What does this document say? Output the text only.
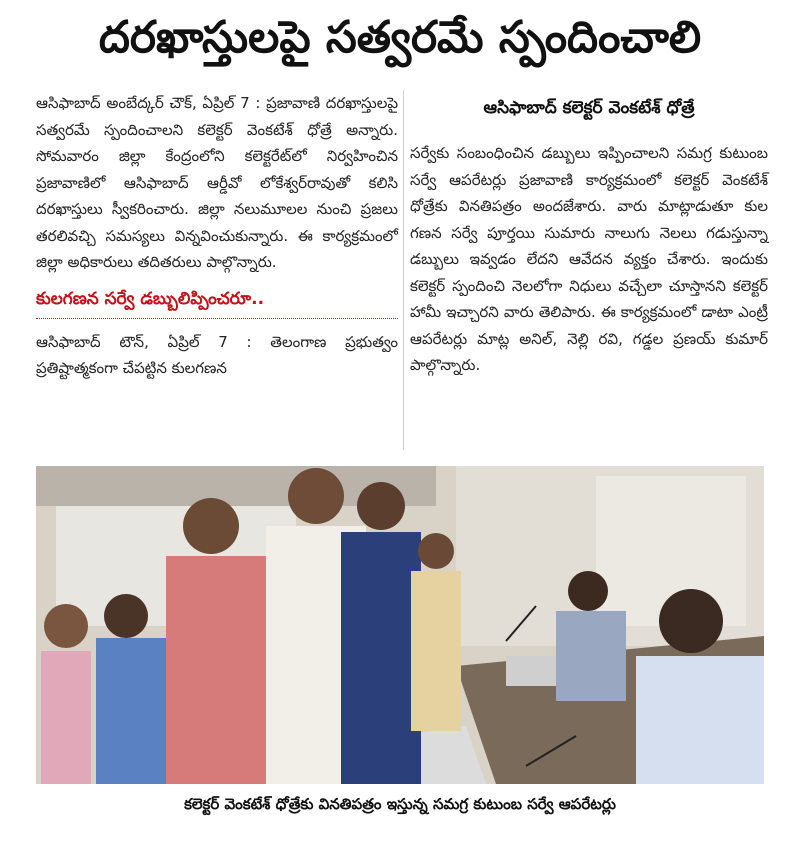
దరఖాస్తులపై సత్వరమే స్పందించాలి

ఆసిఫాబాద్ అంబేద్కర్ చౌక్, ఏప్రిల్ 7 : ప్రజావాణి దరఖాస్తులపై సత్వరమే స్పందించాలని కలెక్టర్ వెంకటేశ్ ధోత్రే అన్నారు. సోమవారం జిల్లా కేంద్రంలోని కలెక్టరేట్‌లో నిర్వహించిన ప్రజావాణిలో ఆసిఫాబాద్ ఆర్డీవో లోకేశ్వర్‌రావుతో కలిసి దరఖాస్తులు స్వీకరించారు. జిల్లా నలుమూలల నుంచి ప్రజలు తరలివచ్చి సమస్యలు విన్నవించుకున్నారు. ఈ కార్యక్రమంలో జిల్లా అధికారులు తదితరులు పాల్గొన్నారు.

కులగణన సర్వే డబ్బులిప్పించరూ..

ఆసిఫాబాద్ టౌన్, ఏప్రిల్ 7 : తెలంగాణ ప్రభుత్వం ప్రతిష్టాత్మకంగా చేపట్టిన కులగణన

ఆసిఫాబాద్ కలెక్టర్ వెంకటేశ్ ధోత్రే

సర్వేకు సంబంధించిన డబ్బులు ఇప్పించాలని సమగ్ర కుటుంబ సర్వే ఆపరేటర్లు ప్రజావాణి కార్యక్రమంలో కలెక్టర్ వెంకటేశ్ ధోత్రేకు వినతిపత్రం అందజేశారు. వారు మాట్లాడుతూ కుల గణన సర్వే పూర్తయి సుమారు నాలుగు నెలలు గడుస్తున్నా డబ్బులు ఇవ్వడం లేదని ఆవేదన వ్యక్తం చేశారు. ఇందుకు కలెక్టర్ స్పందించి నెలలోగా నిధులు వచ్చేలా చూస్తానని కలెక్టర్ హామీ ఇచ్చారని వారు తెలిపారు. ఈ కార్యక్రమంలో డాటా ఎంట్రీ ఆపరేటర్లు మాట్ల అనిల్, నెల్లి రవి, గడ్డల ప్రణయ్ కుమార్ పాల్గొన్నారు.

కలెక్టర్ వెంకటేశ్ ధోత్రేకు వినతిపత్రం ఇస్తున్న సమగ్ర కుటుంబ సర్వే ఆపరేటర్లు
